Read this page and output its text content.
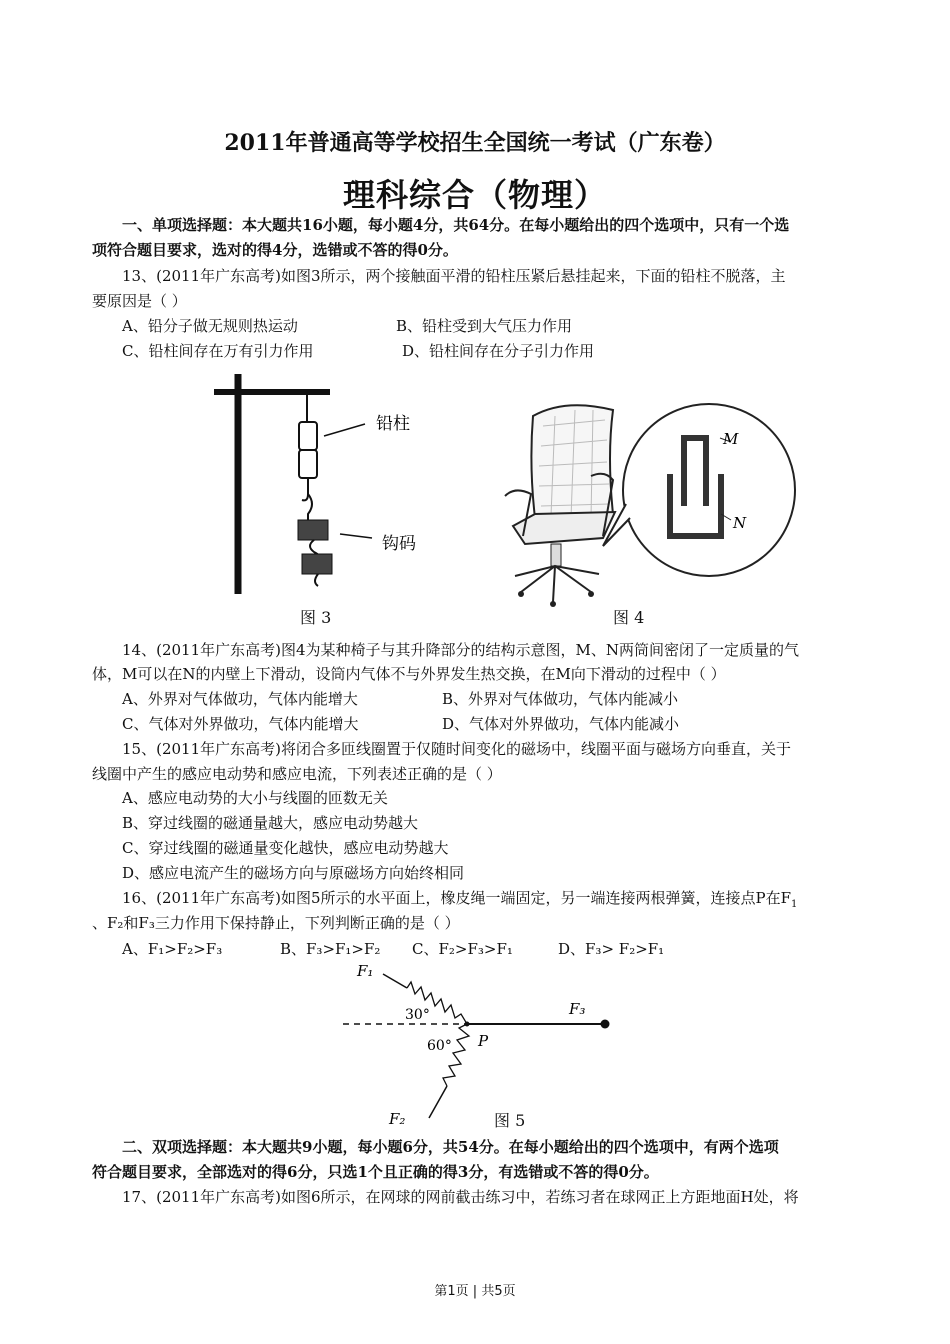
2011年普通高等学校招生全国统一考试（广东卷）
理科综合（物理）
一、单项选择题：本大题共16小题，每小题4分，共64分。在每小题给出的四个选项中，只有一个选
项符合题目要求，选对的得4分，选错或不答的得0分。
13、(2011年广东高考)如图3所示，两个接触面平滑的铅柱压紧后悬挂起来，下面的铅柱不脱落，主
要原因是（ ）
A、铅分子做无规则热运动	B、铅柱受到大气压力作用
C、铅柱间存在万有引力作用	D、铅柱间存在分子引力作用
铅柱
钩码
图 3
M
N
图 4
14、(2011年广东高考)图4为某种椅子与其升降部分的结构示意图，M、N两筒间密闭了一定质量的气
体，M可以在N的内壁上下滑动，设筒内气体不与外界发生热交换，在M向下滑动的过程中（ ）
A、外界对气体做功，气体内能增大	B、外界对气体做功，气体内能减小
C、气体对外界做功，气体内能增大	D、气体对外界做功，气体内能减小
15、(2011年广东高考)将闭合多匝线圈置于仅随时间变化的磁场中，线圈平面与磁场方向垂直，关于
线圈中产生的感应电动势和感应电流，下列表述正确的是（ ）
A、感应电动势的大小与线圈的匝数无关
B、穿过线圈的磁通量越大，感应电动势越大
C、穿过线圈的磁通量变化越快，感应电动势越大
D、感应电流产生的磁场方向与原磁场方向始终相同
16、(2011年广东高考)如图5所示的水平面上，橡皮绳一端固定，另一端连接两根弹簧，连接点P在$F_1$
、F₂和F₃三力作用下保持静止，下列判断正确的是（ ）
A、F₁>F₂>F₃	B、F₃>F₁>F₂ C、F₂>F₃>F₁	D、F₃> F₂>F₁
F₁
F₂
F₃
P
30°
60°
图 5
二、双项选择题：本大题共9小题，每小题6分，共54分。在每小题给出的四个选项中，有两个选项
符合题目要求，全部选对的得6分，只选1个且正确的得3分，有选错或不答的得0分。
17、(2011年广东高考)如图6所示，在网球的网前截击练习中，若练习者在球网正上方距地面H处，将
第1页 | 共5页
